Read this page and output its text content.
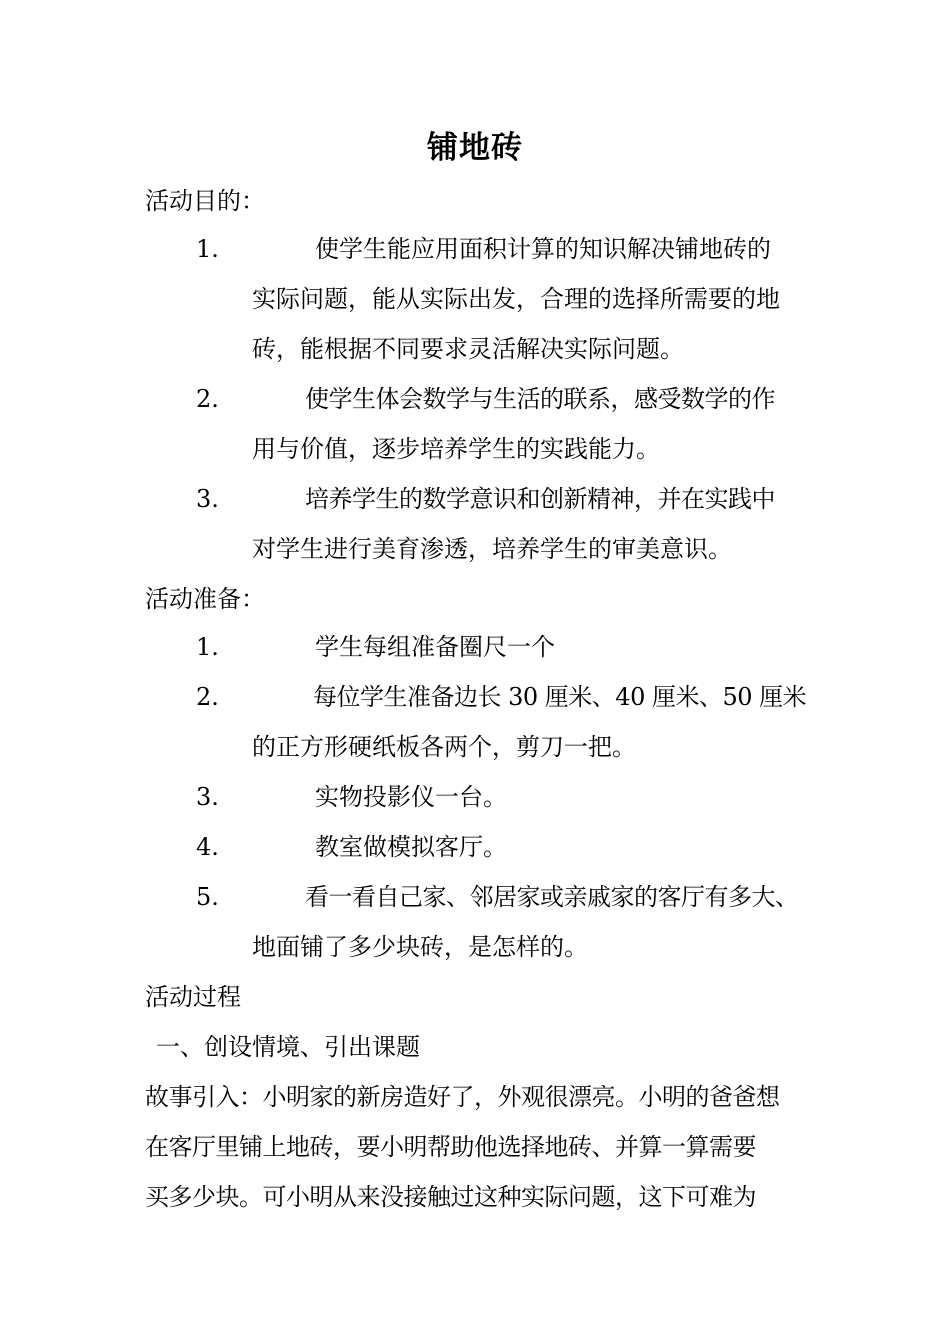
铺地砖
活动目的：
1.	使学生能应用面积计算的知识解决铺地砖的
实际问题，能从实际出发，合理的选择所需要的地
砖，能根据不同要求灵活解决实际问题。
2.	使学生体会数学与生活的联系，感受数学的作
用与价值，逐步培养学生的实践能力。
3.	培养学生的数学意识和创新精神，并在实践中
对学生进行美育渗透，培养学生的审美意识。
活动准备：
1.	学生每组准备圈尺一个
2.	每位学生准备边长 30 厘米、40 厘米、50 厘米
的正方形硬纸板各两个，剪刀一把。
3.	实物投影仪一台。
4.	教室做模拟客厅。
5.	看一看自己家、邻居家或亲戚家的客厅有多大、
地面铺了多少块砖，是怎样的。
活动过程
一、创设情境、引出课题
故事引入：小明家的新房造好了，外观很漂亮。小明的爸爸想
在客厅里铺上地砖，要小明帮助他选择地砖、并算一算需要
买多少块。可小明从来没接触过这种实际问题，这下可难为
